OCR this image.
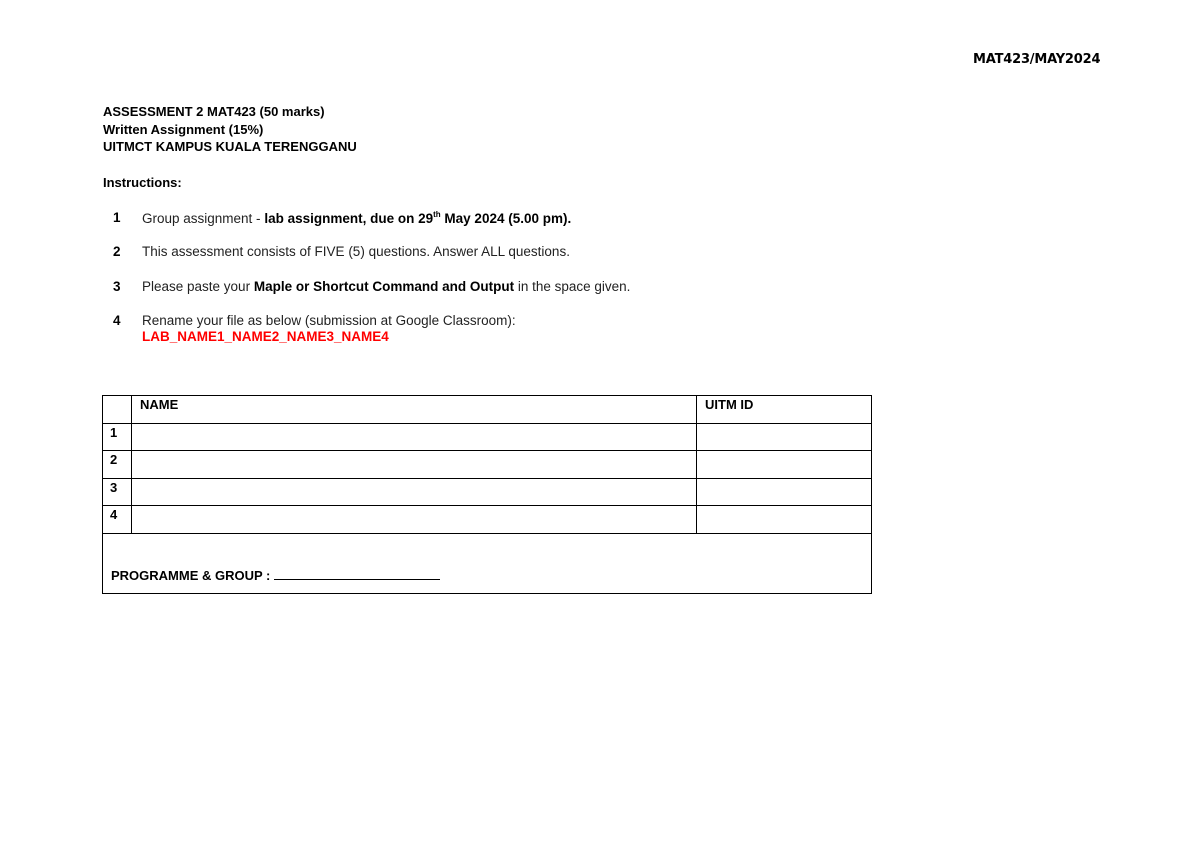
MAT423/MAY2024
ASSESSMENT 2 MAT423 (50 marks)
Written Assignment (15%)
UITMCT KAMPUS KUALA TERENGGANU
Instructions:
1 Group assignment - lab assignment, due on 29th May 2024 (5.00 pm).
2 This assessment consists of FIVE (5) questions. Answer ALL questions.
3 Please paste your Maple or Shortcut Command and Output in the space given.
4 Rename your file as below (submission at Google Classroom):
LAB_NAME1_NAME2_NAME3_NAME4
	NAME	UITM ID
1		
2		
3		
4		
PROGRAMME & GROUP :		
